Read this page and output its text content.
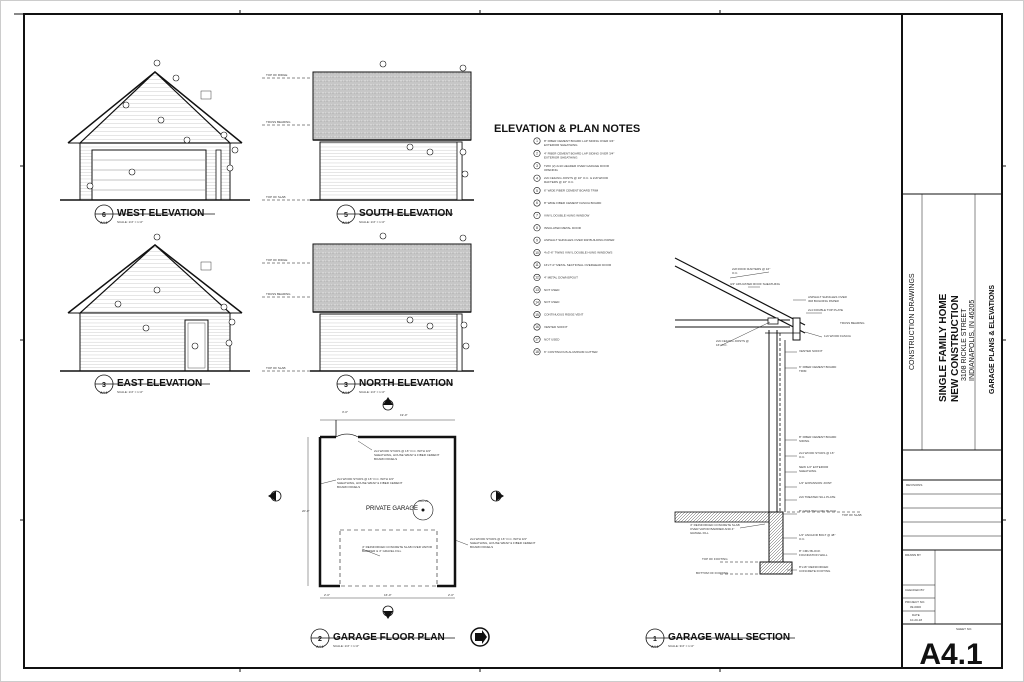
6
A4.1
WEST ELEVATION
SCALE: 1/4" = 1'-0"
5
A4.1
SOUTH ELEVATION
SCALE: 1/4" = 1'-0"
3
A4.1
EAST ELEVATION
SCALE: 1/4" = 1'-0"
3
A4.1
NORTH ELEVATION
SCALE: 1/4" = 1'-0"
2
A4.1
GARAGE FLOOR PLAN
SCALE: 1/4" = 1'-0"
1
A4.1
GARAGE WALL SECTION
SCALE: 3/4" = 1'-0"
TOP OF RIDGE
TRUSS BEARING
TOP OF SLAB
TOP OF RIDGE
TRUSS BEARING
TOP OF SLAB
ELEVATION & PLAN NOTES
1 8" FIBER CEMENT BOARD LAP SIDING OVER 3/4"
EXTERIOR SHEATHING
2 4" FIBER CEMENT BOARD LAP SIDING OVER 3/4"
EXTERIOR SHEATHING
3 TWO (2) 2x10 HEADER OVER GARAGE DOOR
OPENING
4 2x6 CEILING JOISTS @ 16" O.C. & 2x8 WOOD
RAFTERS @ 16" O.C.
5 6" WIDE FIBER CEMENT BOARD TRIM
6 8" WIDE FIBER CEMENT FASCIA BOARD
7 VINYL DOUBLE HUNG WINDOW
8 INSULATED METAL DOOR
9 ASPHALT SHINGLES OVER 30# BUILDING PAPER
10 4'x3'-6" TWINS VINYL DOUBLE HUNG WINDOWS
11 16'x7'-0" METAL SECTIONAL OVERHEAD DOOR
12 4" METAL DOWNSPOUT
13 NOT USED
14 NOT USED
15 CONTINUOUS RIDGE VENT
16 VENTED SOFFIT
17 NOT USED
18 6" CONTINUOUS ALUMINUM GUTTER
PRIVATE GARAGE
ABOVE
3'-0"
19'-0"
20'-0"
2'-0"	16'-0"	2'-0"
2x4 WOOD STUDS @ 16" O.C. WITH 3/4"
SHEATHING, HOUSE WRAP & FIBER CEMENT
BOARD PANELS
2x4 WOOD STUDS @ 16" O.C. WITH 3/4"
SHEATHING, HOUSE WRAP & FIBER CEMENT
BOARD PANELS
2x4 WOOD STUDS @ 16" O.C. WITH 3/4"
SHEATHING, HOUSE WRAP & FIBER CEMENT
BOARD PANELS
4" REINFORCED CONCRETE SLAB OVER VAPOR
BARRIER & 4" GRAVEL FILL
2x8 ROOF RAFTERS @ 16"
O.C.
3/4" APA RATED ROOF SHEATHING
ASPHALT SHINGLES OVER
30# BUILDING PAPER
2x4 DOUBLE TOP PLATE
TRUSS BEARING
1x6 WOOD FASCIA
2x6 CEILING JOISTS @
16" O.C.
VENTED SOFFIT
6" FIBER CEMENT BOARD
TRIM
8" FIBER CEMENT BOARD
SIDING
2x4 WOOD STUDS @ 16"
O.C.
NEW 1/2" EXTERIOR
SHEATHING
1/2" EXPANSION JOINT
2x6 TREATED SILL PLATE
TOP OF SLAB
8" GROUTED CMU BLOCK
4" REINFORCED CONCRETE SLAB
OVER VAPOR BARRIER AND 4"
GRAVEL FILL	1/2" ANCHOR BOLT @ 48"
O.C.
8" CMU BLOCK
FOUNDATION WALL
8"x16" REINFORCED
CONCRETE FOOTING
TOP OF FOOTING
BOTTOM OF FOOTING
CONSTRUCTION DRAWINGS SINGLE FAMILY HOME NEW CONSTRUCTION 3108 RICKLE STREET INDIANAPOLIS, IN 46205 GARAGE PLANS & ELEVATIONS
REVISIONS
DRAWN BY
CHECKED BY
PROJECT NO.
09-0000
DATE
10-20-18
SHEET NO.
A4.1
